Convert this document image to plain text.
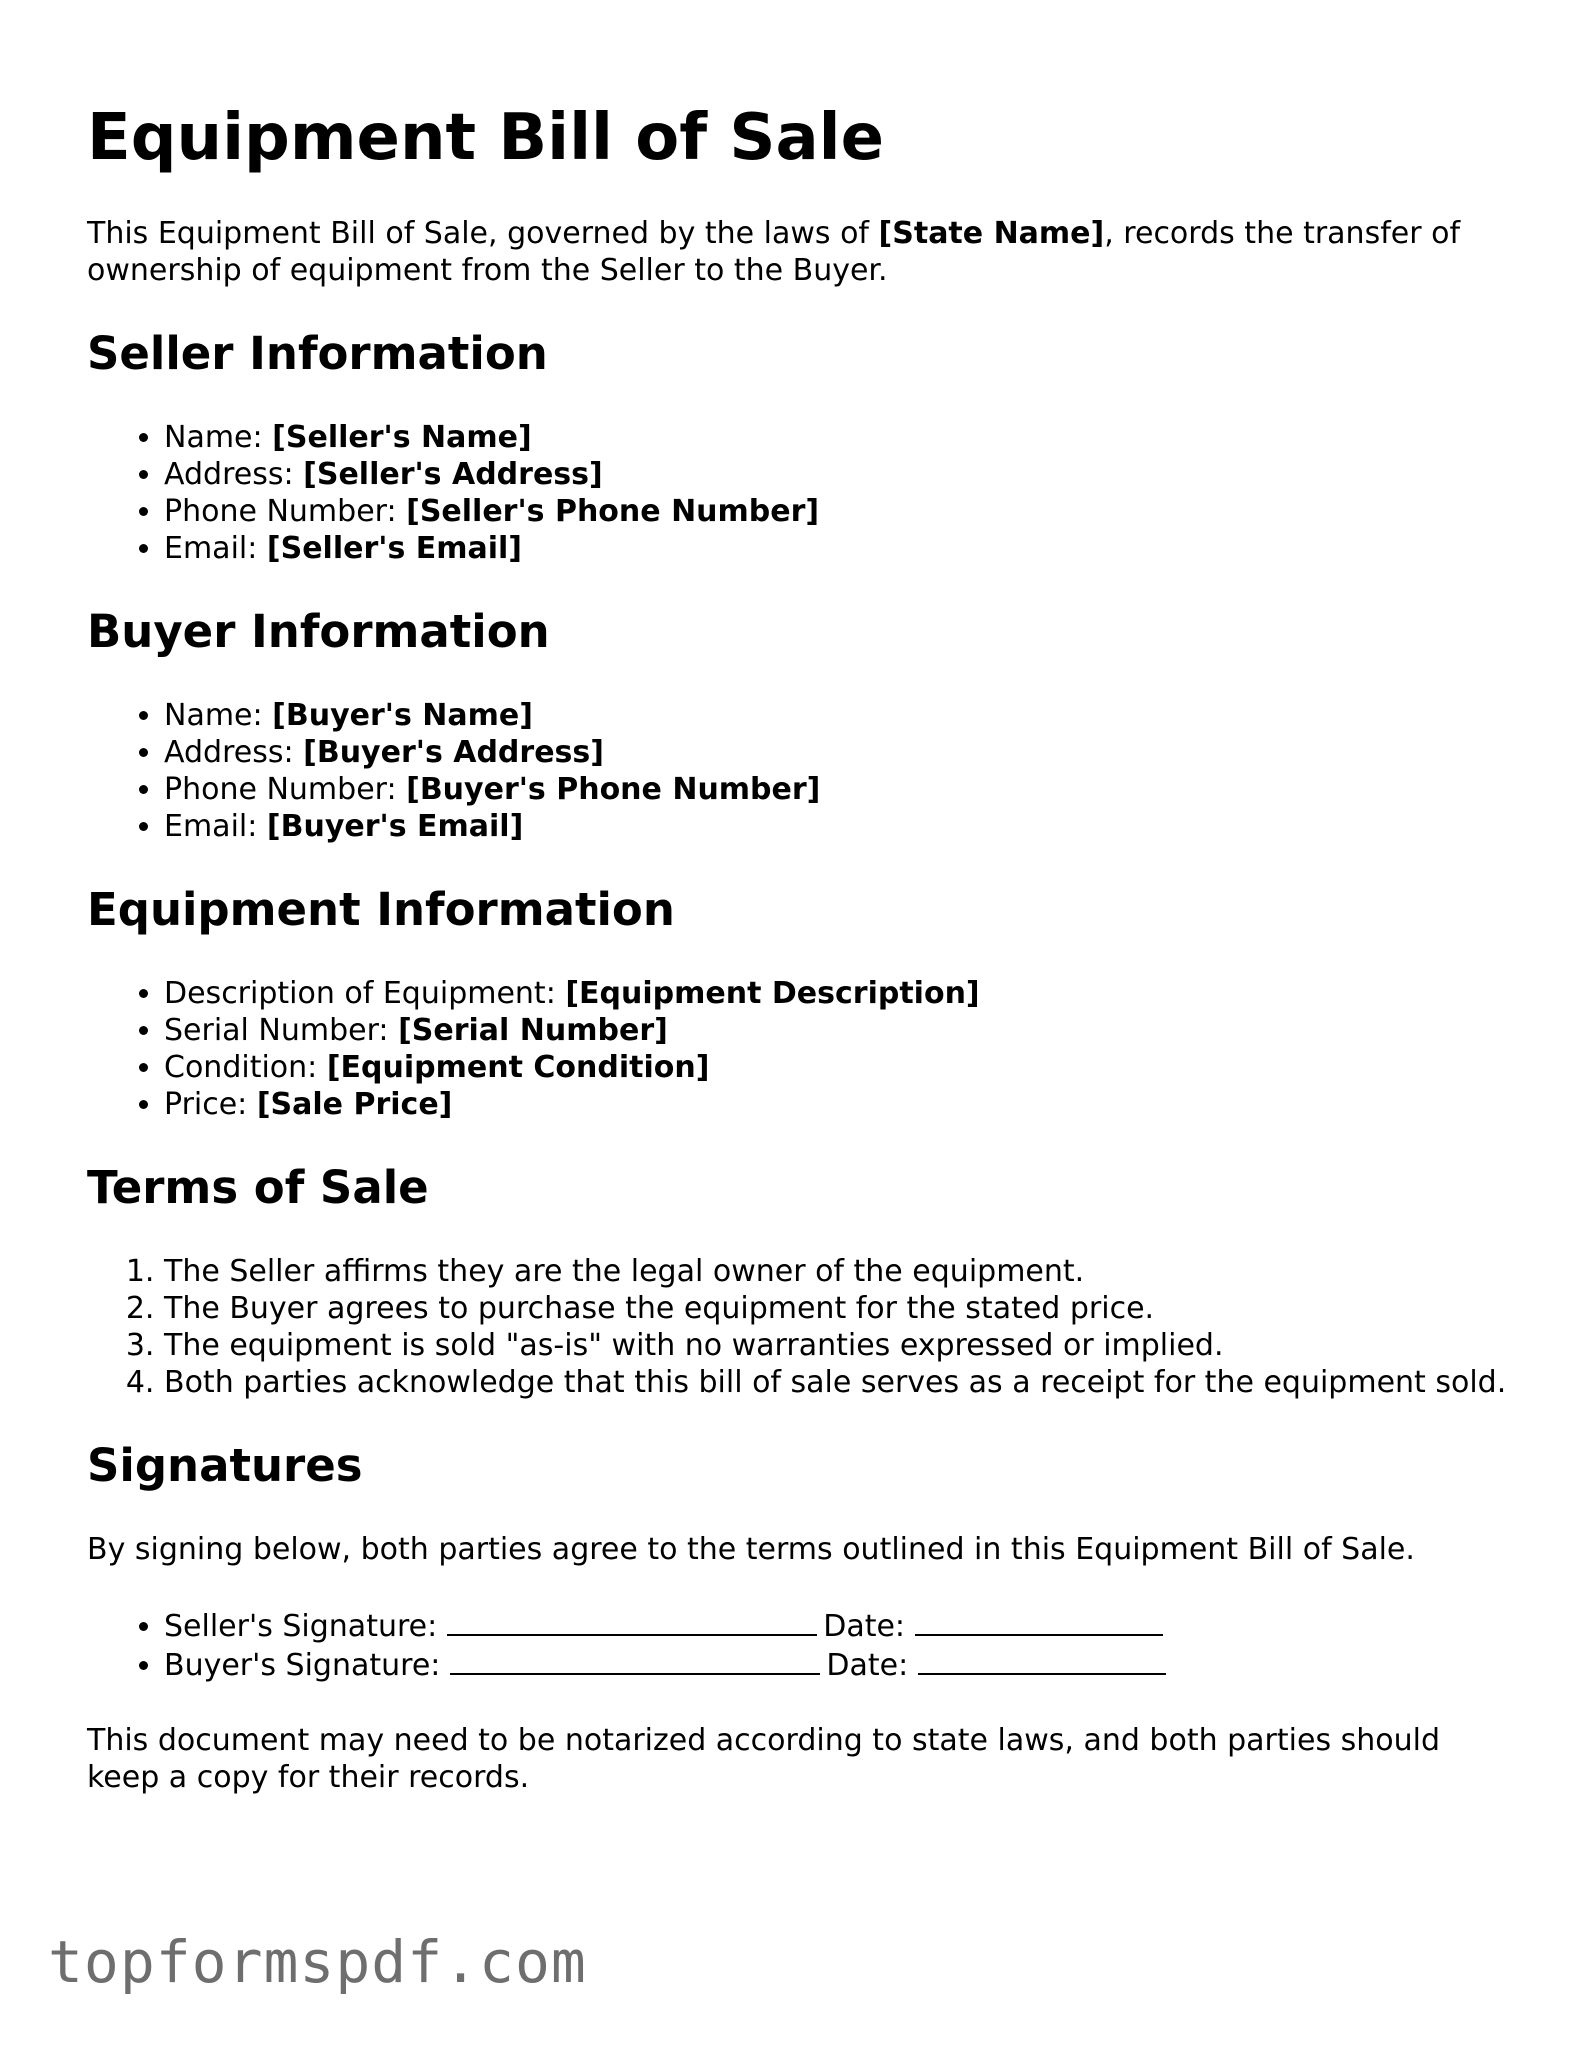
Equipment Bill of Sale

This Equipment Bill of Sale, governed by the laws of [State Name], records the transfer of ownership of equipment from the Seller to the Buyer.

Seller Information
• Name: [Seller's Name]
• Address: [Seller's Address]
• Phone Number: [Seller's Phone Number]
• Email: [Seller's Email]
Buyer Information
• Name: [Buyer's Name]
• Address: [Buyer's Address]
• Phone Number: [Buyer's Phone Number]
• Email: [Buyer's Email]
Equipment Information
• Description of Equipment: [Equipment Description]
• Serial Number: [Serial Number]
• Condition: [Equipment Condition]
• Price: [Sale Price]
Terms of Sale
1. The Seller affirms they are the legal owner of the equipment.
2. The Buyer agrees to purchase the equipment for the stated price.
3. The equipment is sold "as-is" with no warranties expressed or implied.
4. Both parties acknowledge that this bill of sale serves as a receipt for the equipment sold.
Signatures

By signing below, both parties agree to the terms outlined in this Equipment Bill of Sale.

• Seller's Signature:	Date:
• Buyer's Signature:	Date:

This document may need to be notarized according to state laws, and both parties should keep a copy for their records.

topformspdf.com
